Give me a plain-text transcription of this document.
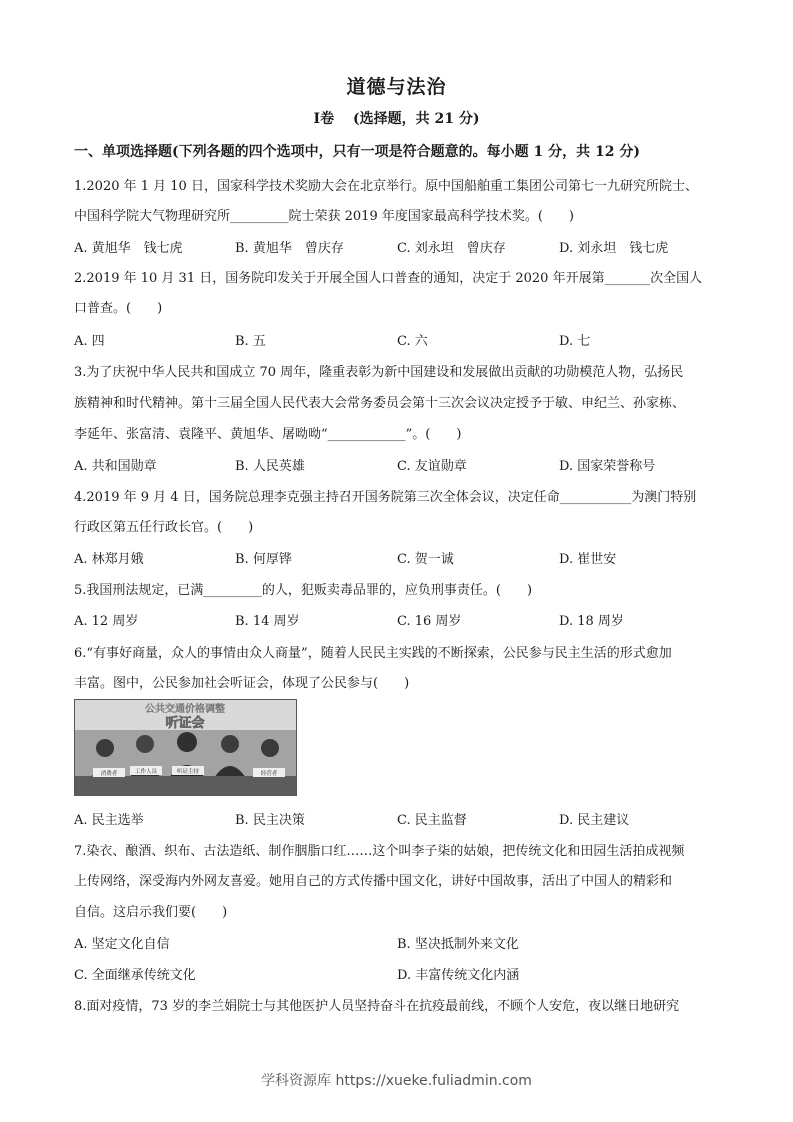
道德与法治
Ⅰ卷　 (选择题，共 21 分)
一、单项选择题(下列各题的四个选项中，只有一项是符合题意的。每小题 1 分，共 12 分)
1.2020 年 1 月 10 日，国家科学技术奖励大会在北京举行。原中国船舶重工集团公司第七一九研究所院士、
中国科学院大气物理研究所_________院士荣获 2019 年度国家最高科学技术奖。(　　)
A. 黄旭华　钱七虎	B. 黄旭华　曾庆存	C. 刘永坦　曾庆存	D. 刘永坦　钱七虎
2.2019 年 10 月 31 日，国务院印发关于开展全国人口普查的通知，决定于 2020 年开展第_______次全国人
口普查。(　　)
A. 四	B. 五	C. 六	D. 七
3.为了庆祝中华人民共和国成立 70 周年，隆重表彰为新中国建设和发展做出贡献的功勋模范人物，弘扬民
族精神和时代精神。第十三届全国人民代表大会常务委员会第十三次会议决定授予于敏、申纪兰、孙家栋、
李延年、张富清、袁隆平、黄旭华、屠呦呦“____________”。(　　)
A. 共和国勋章	B. 人民英雄	C. 友谊勋章	D. 国家荣誉称号
4.2019 年 9 月 4 日，国务院总理李克强主持召开国务院第三次全体会议，决定任命___________为澳门特别
行政区第五任行政长官。(　　)
A. 林郑月娥	B. 何厚铧	C. 贺一诚	D. 崔世安
5.我国刑法规定，已满_________的人，犯贩卖毒品罪的，应负刑事责任。(　　)
A. 12 周岁	B. 14 周岁	C. 16 周岁	D. 18 周岁
6.“有事好商量，众人的事情由众人商量”，随着人民民主实践的不断探索，公民参与民主生活的形式愈加
丰富。图中，公民参加社会听证会，体现了公民参与(　　)
公共交通价格调整
听证会
消费者	工作人员	听证主持	经营者
A. 民主选举	B. 民主决策	C. 民主监督	D. 民主建议
7.染衣、酿酒、织布、古法造纸、制作胭脂口红……这个叫李子柒的姑娘，把传统文化和田园生活拍成视频
上传网络，深受海内外网友喜爱。她用自己的方式传播中国文化，讲好中国故事，活出了中国人的精彩和
自信。这启示我们要(　　)
A. 坚定文化自信	B. 坚决抵制外来文化
C. 全面继承传统文化	D. 丰富传统文化内涵
8.面对疫情，73 岁的李兰娟院士与其他医护人员坚持奋斗在抗疫最前线，不顾个人安危，夜以继日地研究
学科资源库 https://xueke.fuliadmin.com
